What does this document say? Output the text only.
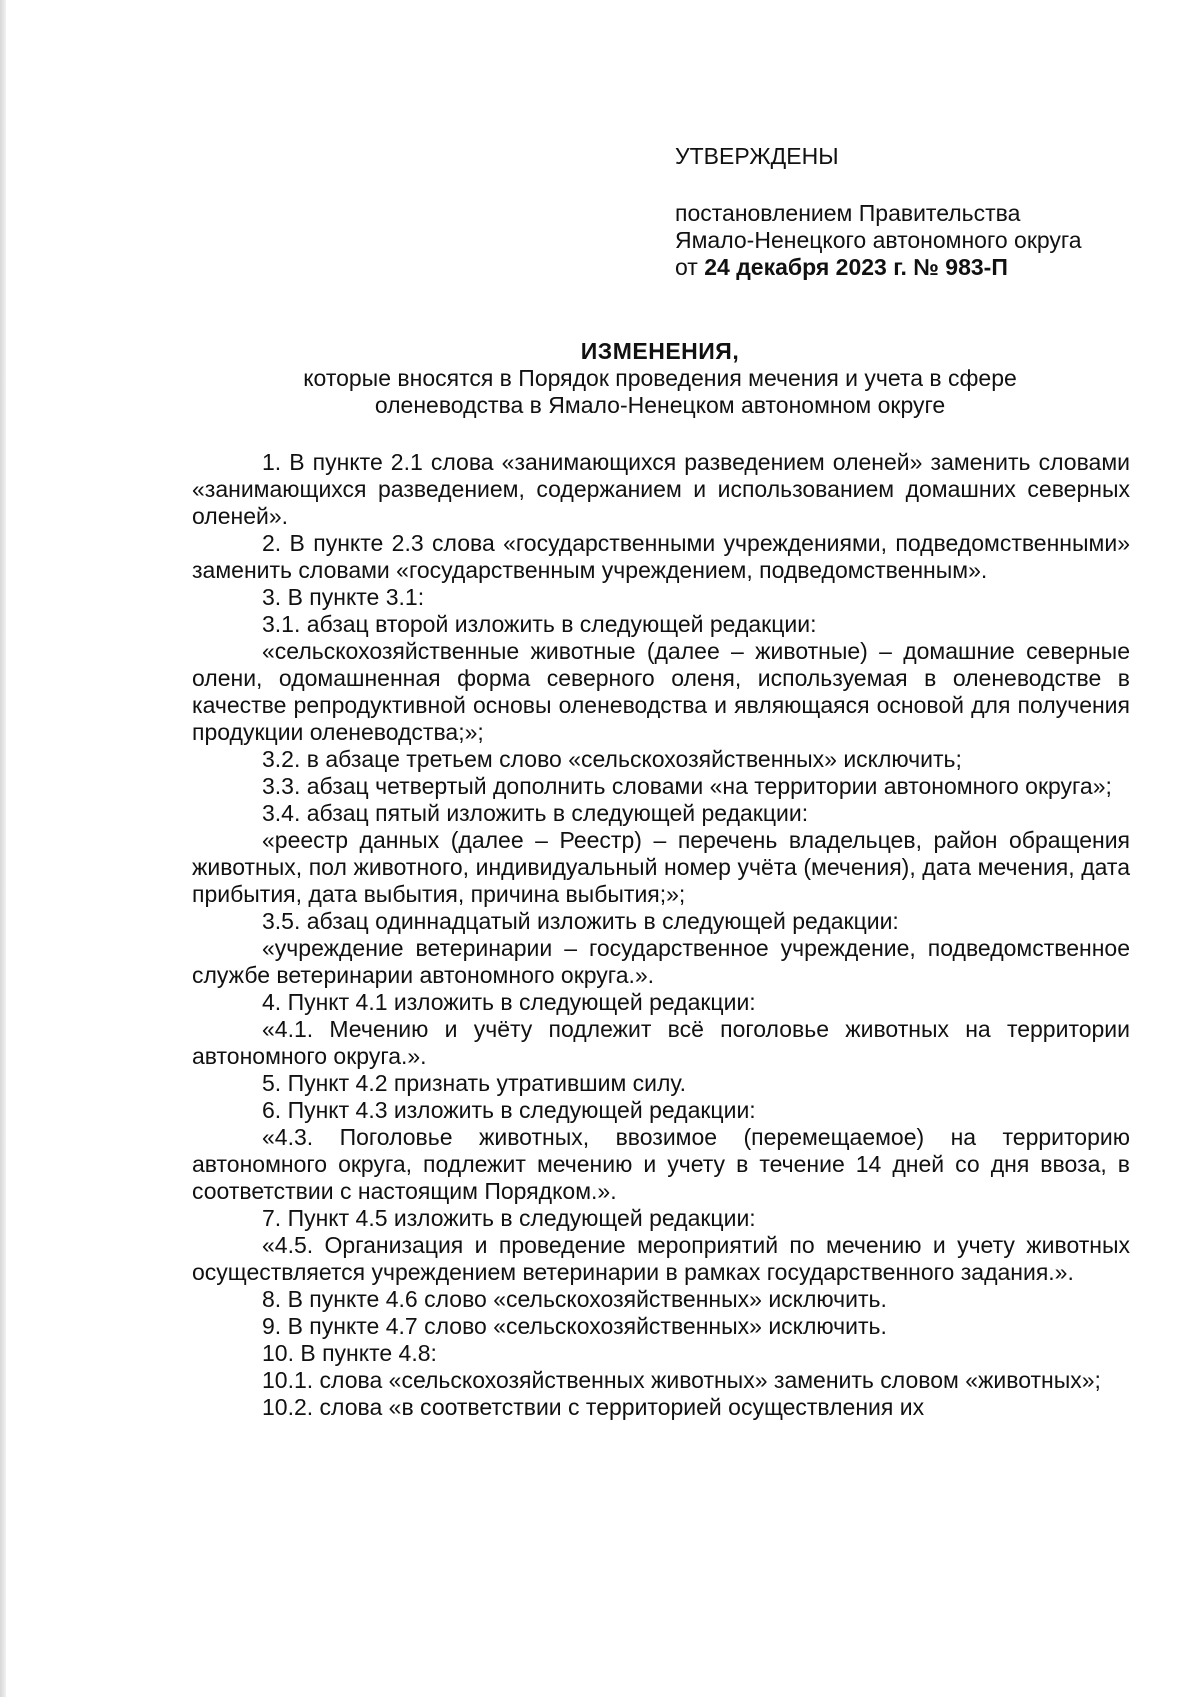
УТВЕРЖДЕНЫ
постановлением Правительства
Ямало-Ненецкого автономного округа
от 24 декабря 2023 г. № 983-П
ИЗМЕНЕНИЯ,
которые вносятся в Порядок проведения мечения и учета в сфере
оленеводства в Ямало-Ненецком автономном округе

1. В пункте 2.1 слова «занимающихся разведением оленей» заменить словами «занимающихся разведением, содержанием и использованием домашних северных оленей».

2. В пункте 2.3 слова «государственными учреждениями, подведомственными» заменить словами «государственным учреждением, подведомственным».

3. В пункте 3.1:

3.1. абзац второй изложить в следующей редакции:

«сельскохозяйственные животные (далее – животные) – домашние северные олени, одомашненная форма северного оленя, используемая в оленеводстве в качестве репродуктивной основы оленеводства и являющаяся основой для получения продукции оленеводства;»;

3.2. в абзаце третьем слово «сельскохозяйственных» исключить;

3.3. абзац четвертый дополнить словами «на территории автономного округа»;

3.4. абзац пятый изложить в следующей редакции:

«реестр данных (далее – Реестр) – перечень владельцев, район обращения животных, пол животного, индивидуальный номер учёта (мечения), дата мечения, дата прибытия, дата выбытия, причина выбытия;»;

3.5. абзац одиннадцатый изложить в следующей редакции:

«учреждение ветеринарии – государственное учреждение, подведомственное службе ветеринарии автономного округа.».

4. Пункт 4.1 изложить в следующей редакции:

«4.1. Мечению и учёту подлежит всё поголовье животных на территории автономного округа.».

5. Пункт 4.2 признать утратившим силу.

6. Пункт 4.3 изложить в следующей редакции:

«4.3. Поголовье животных, ввозимое (перемещаемое) на территорию автономного округа, подлежит мечению и учету в течение 14 дней со дня ввоза, в соответствии с настоящим Порядком.».

7. Пункт 4.5 изложить в следующей редакции:

«4.5. Организация и проведение мероприятий по мечению и учету животных осуществляется учреждением ветеринарии в рамках государственного задания.».

8. В пункте 4.6 слово «сельскохозяйственных» исключить.

9. В пункте 4.7 слово «сельскохозяйственных» исключить.

10. В пункте 4.8:

10.1. слова «сельскохозяйственных животных» заменить словом «животных»;

10.2. слова «в соответствии с территорией осуществления их
